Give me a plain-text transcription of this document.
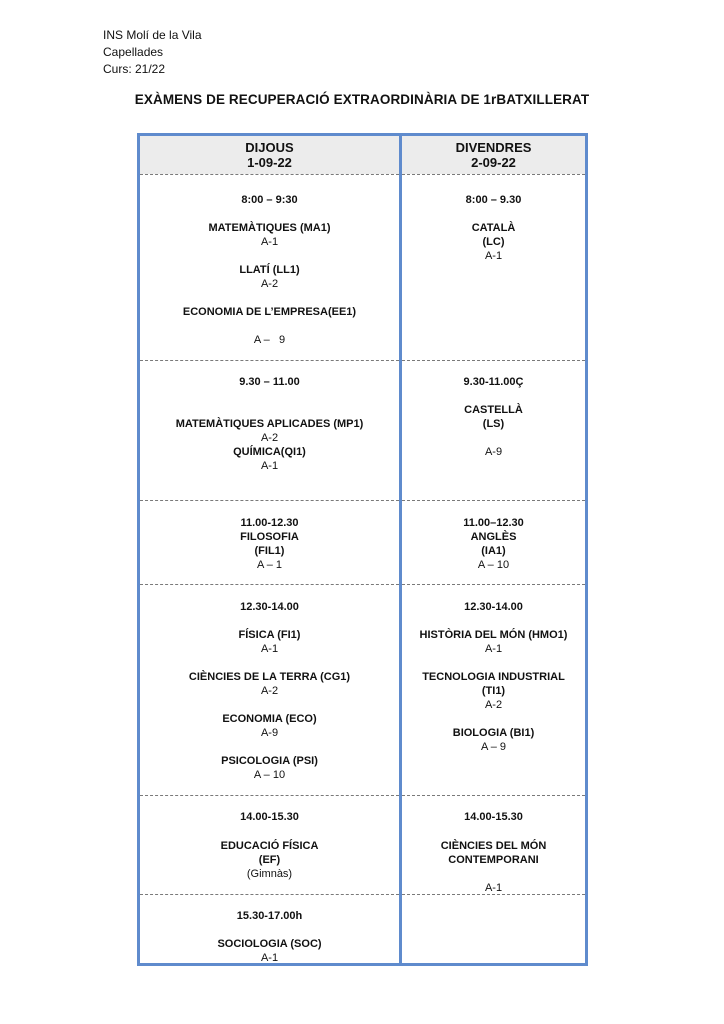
INS Molí de la Vila
Capellades
Curs: 21/22
EXÀMENS DE RECUPERACIÓ EXTRAORDINÀRIA DE 1rBATXILLERAT
DIJOUS
1-09-22
8:00 – 9:30
MATEMÀTIQUES (MA1)
A-1
LLATÍ (LL1)
A-2
ECONOMIA DE L’EMPRESA(EE1)
A –   9
9.30 – 11.00
MATEMÀTIQUES APLICADES (MP1)
A-2
QUÍMICA(QI1)
A-1
11.00-12.30
FILOSOFIA
(FIL1)
A – 1
12.30-14.00
FÍSICA (FI1)
A-1
CIÈNCIES DE LA TERRA (CG1)
A-2
ECONOMIA (ECO)
A-9
PSICOLOGIA (PSI)
A – 10
14.00-15.30
EDUCACIÓ FÍSICA
(EF)
(Gimnàs)
15.30-17.00h
SOCIOLOGIA (SOC)
A-1
DIVENDRES
2-09-22
8:00 – 9.30
CATALÀ
(LC)
A-1
9.30-11.00Ç
CASTELLÀ
(LS)
A-9
11.00–12.30
ANGLÈS
(IA1)
A – 10
12.30-14.00
HISTÒRIA DEL MÓN (HMO1)
A-1
TECNOLOGIA INDUSTRIAL
(TI1)
A-2
BIOLOGIA (BI1)
A – 9
14.00-15.30
CIÈNCIES DEL MÓN
CONTEMPORANI
A-1
